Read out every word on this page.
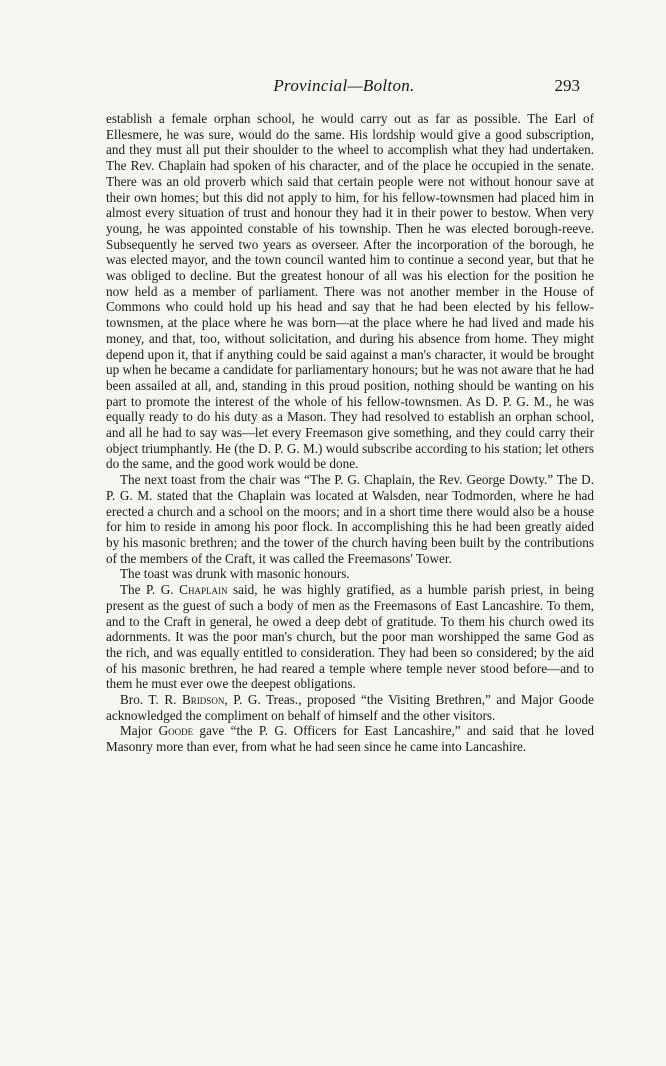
Provincial—Bolton.	293

establish a female orphan school, he would carry out as far as possible. The Earl of Ellesmere, he was sure, would do the same. His lordship would give a good subscription, and they must all put their shoulder to the wheel to accomplish what they had undertaken. The Rev. Chaplain had spoken of his character, and of the place he occupied in the senate. There was an old proverb which said that certain people were not without honour save at their own homes; but this did not apply to him, for his fellow-townsmen had placed him in almost every situation of trust and honour they had it in their power to bestow. When very young, he was appointed constable of his township. Then he was elected borough-reeve. Subsequently he served two years as overseer. After the incorporation of the borough, he was elected mayor, and the town council wanted him to continue a second year, but that he was obliged to decline. But the greatest honour of all was his election for the position he now held as a member of parliament. There was not another member in the House of Commons who could hold up his head and say that he had been elected by his fellow-townsmen, at the place where he was born—at the place where he had lived and made his money, and that, too, without solicitation, and during his absence from home. They might depend upon it, that if anything could be said against a man's character, it would be brought up when he became a candidate for parliamentary honours; but he was not aware that he had been assailed at all, and, standing in this proud position, nothing should be wanting on his part to promote the interest of the whole of his fellow-townsmen. As D. P. G. M., he was equally ready to do his duty as a Mason. They had resolved to establish an orphan school, and all he had to say was—let every Freemason give something, and they could carry their object triumphantly. He (the D. P. G. M.) would subscribe according to his station; let others do the same, and the good work would be done.

The next toast from the chair was “The P. G. Chaplain, the Rev. George Dowty.” The D. P. G. M. stated that the Chaplain was located at Walsden, near Todmorden, where he had erected a church and a school on the moors; and in a short time there would also be a house for him to reside in among his poor flock. In accomplishing this he had been greatly aided by his masonic brethren; and the tower of the church having been built by the contributions of the members of the Craft, it was called the Freemasons' Tower.

The toast was drunk with masonic honours.

The P. G. Chaplain said, he was highly gratified, as a humble parish priest, in being present as the guest of such a body of men as the Freemasons of East Lancashire. To them, and to the Craft in general, he owed a deep debt of gratitude. To them his church owed its adornments. It was the poor man's church, but the poor man worshipped the same God as the rich, and was equally entitled to consideration. They had been so considered; by the aid of his masonic brethren, he had reared a temple where temple never stood before—and to them he must ever owe the deepest obligations.

Bro. T. R. Bridson, P. G. Treas., proposed “the Visiting Brethren,” and Major Goode acknowledged the compliment on behalf of himself and the other visitors.

Major Goode gave “the P. G. Officers for East Lancashire,” and said that he loved Masonry more than ever, from what he had seen since he came into Lancashire.
